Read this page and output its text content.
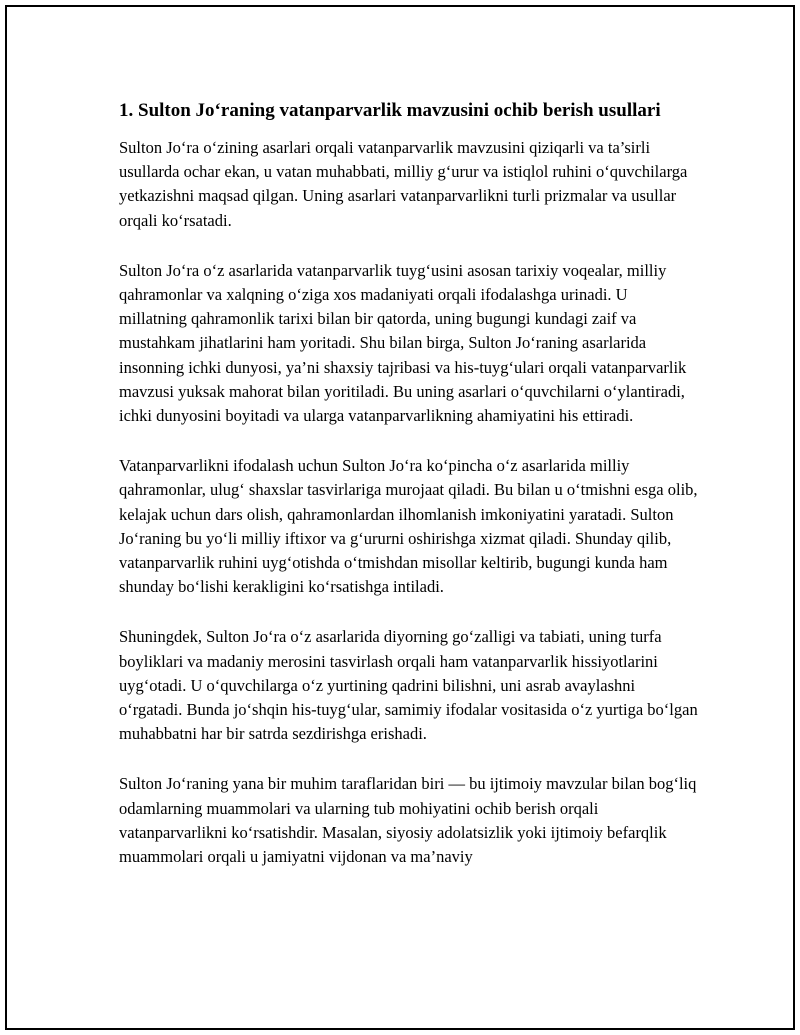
1. Sulton Jo‘raning vatanparvarlik mavzusini ochib berish usullari

Sulton Jo‘ra o‘zining asarlari orqali vatanparvarlik mavzusini qiziqarli va ta’sirli usullarda ochar ekan, u vatan muhabbati, milliy g‘urur va istiqlol ruhini o‘quvchilarga yetkazishni maqsad qilgan. Uning asarlari vatanparvarlikni turli prizmalar va usullar orqali ko‘rsatadi.

Sulton Jo‘ra o‘z asarlarida vatanparvarlik tuyg‘usini asosan tarixiy voqealar, milliy qahramonlar va xalqning o‘ziga xos madaniyati orqali ifodalashga urinadi. U millatning qahramonlik tarixi bilan bir qatorda, uning bugungi kundagi zaif va mustahkam jihatlarini ham yoritadi. Shu bilan birga, Sulton Jo‘raning asarlarida insonning ichki dunyosi, ya’ni shaxsiy tajribasi va his-tuyg‘ulari orqali vatanparvarlik mavzusi yuksak mahorat bilan yoritiladi. Bu uning asarlari o‘quvchilarni o‘ylantiradi, ichki dunyosini boyitadi va ularga vatanparvarlikning ahamiyatini his ettiradi.

Vatanparvarlikni ifodalash uchun Sulton Jo‘ra ko‘pincha o‘z asarlarida milliy qahramonlar, ulug‘ shaxslar tasvirlariga murojaat qiladi. Bu bilan u o‘tmishni esga olib, kelajak uchun dars olish, qahramonlardan ilhomlanish imkoniyatini yaratadi. Sulton Jo‘raning bu yo‘li milliy iftixor va g‘ururni oshirishga xizmat qiladi. Shunday qilib, vatanparvarlik ruhini uyg‘otishda o‘tmishdan misollar keltirib, bugungi kunda ham shunday bo‘lishi kerakligini ko‘rsatishga intiladi.

Shuningdek, Sulton Jo‘ra o‘z asarlarida diyorning go‘zalligi va tabiati, uning turfa boyliklari va madaniy merosini tasvirlash orqali ham vatanparvarlik hissiyotlarini uyg‘otadi. U o‘quvchilarga o‘z yurtining qadrini bilishni, uni asrab avaylashni o‘rgatadi. Bunda jo‘shqin his-tuyg‘ular, samimiy ifodalar vositasida o‘z yurtiga bo‘lgan muhabbatni har bir satrda sezdirishga erishadi.

Sulton Jo‘raning yana bir muhim taraflaridan biri — bu ijtimoiy mavzular bilan bog‘liq odamlarning muammolari va ularning tub mohiyatini ochib berish orqali vatanparvarlikni ko‘rsatishdir. Masalan, siyosiy adolatsizlik yoki ijtimoiy befarqlik muammolari orqali u jamiyatni vijdonan va ma’naviy
